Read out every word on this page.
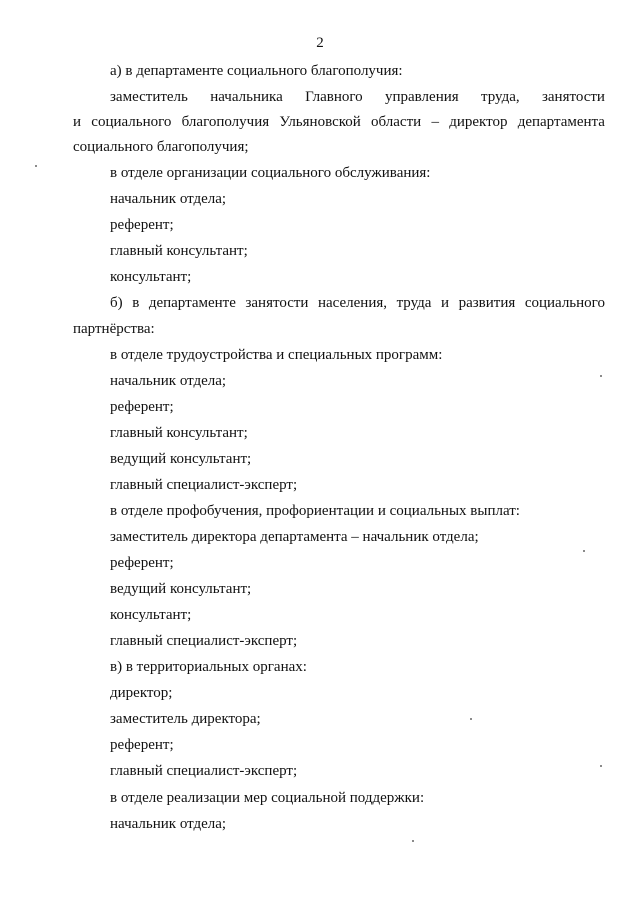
2
а) в департаменте социального благополучия:
заместитель начальника Главного управления труда, занятости
и социального благополучия Ульяновской области – директор департамента
социального благополучия;
в отделе организации социального обслуживания:
начальник отдела;
референт;
главный консультант;
консультант;
б) в департаменте занятости населения, труда и развития социального
партнёрства:
в отделе трудоустройства и специальных программ:
начальник отдела;
референт;
главный консультант;
ведущий консультант;
главный специалист-эксперт;
в отделе профобучения, профориентации и социальных выплат:
заместитель директора департамента – начальник отдела;
референт;
ведущий консультант;
консультант;
главный специалист-эксперт;
в) в территориальных органах:
директор;
заместитель директора;
референт;
главный специалист-эксперт;
в отделе реализации мер социальной поддержки:
начальник отдела;
